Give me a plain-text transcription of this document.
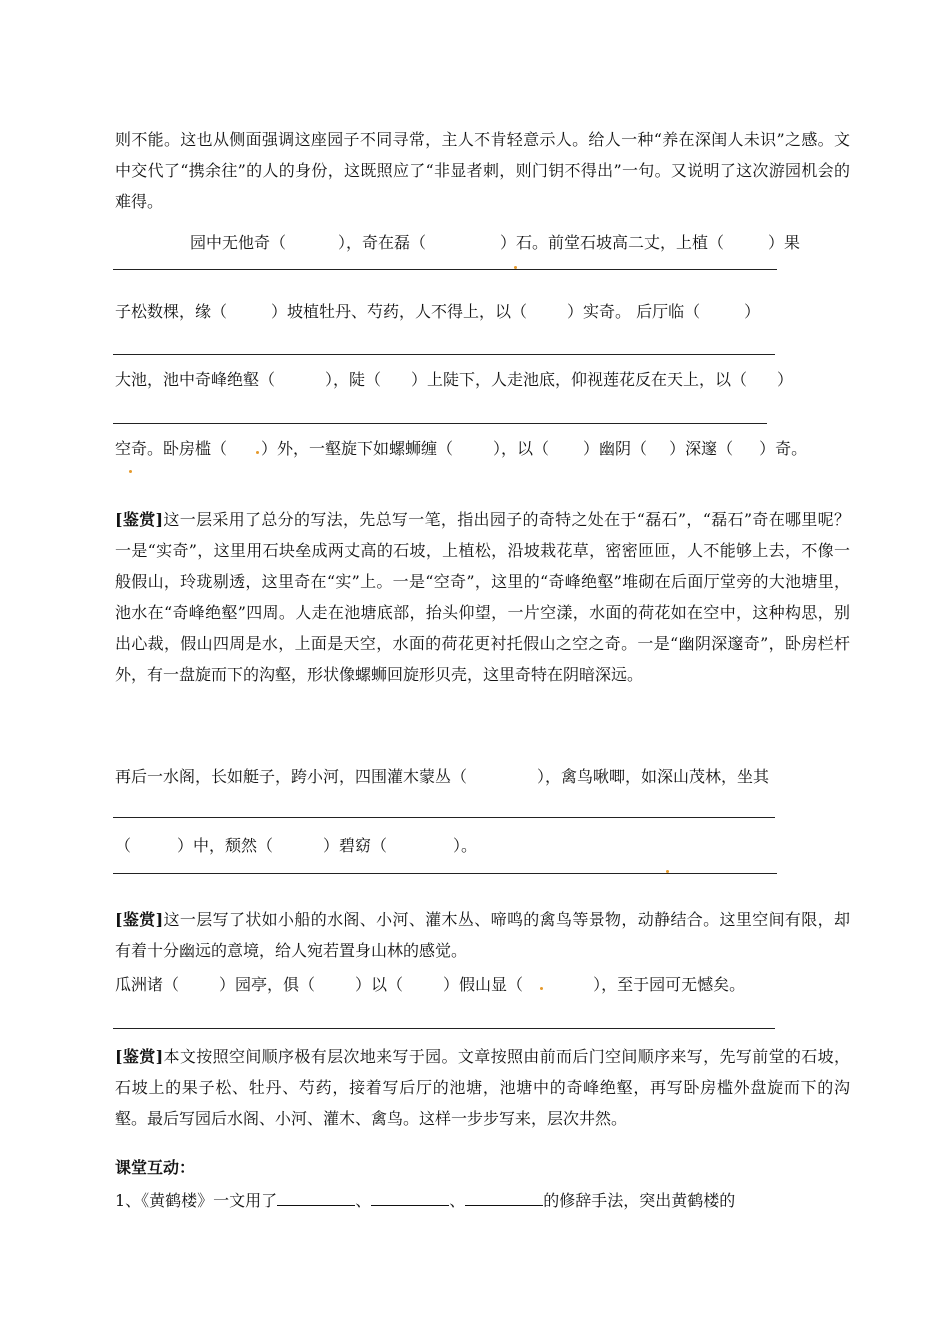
则不能。这也从侧面强调这座园子不同寻常，主人不肯轻意示人。给人一种“养在深闺人未识”之感。文中交代了“携余往”的人的身份，这既照应了“非显者刺，则门钥不得出”一句。又说明了这次游园机会的难得。
园中无他奇（	），奇在磊（	）石。前堂石坡高二丈，上植（	）果
子松数棵，缘（	）坡植牡丹、芍药，人不得上，以（	）实奇。 后厅临（	）
大池，池中奇峰绝壑（	），陡（ ）上陡下，人走池底，仰视莲花反在天上，以（ ）
空奇。卧房槛（ ）外，一壑旋下如螺蛳缠（	），以（ ）幽阴（ ）深邃（ ）奇。
[鉴赏]这一层采用了总分的写法，先总写一笔，指出园子的奇特之处在于“磊石”，“磊石”奇在哪里呢？一是“实奇”，这里用石块垒成两丈高的石坡，上植松，沿坡栽花草，密密匝匝，人不能够上去，不像一般假山，玲珑剔透，这里奇在“实”上。一是“空奇”，这里的“奇峰绝壑”堆砌在后面厅堂旁的大池塘里，池水在“奇峰绝壑”四周。人走在池塘底部，抬头仰望，一片空漾，水面的荷花如在空中，这种构思，别出心裁，假山四周是水，上面是天空，水面的荷花更衬托假山之空之奇。一是“幽阴深邃奇”，卧房栏杆外，有一盘旋而下的沟壑，形状像螺蛳回旋形贝壳，这里奇特在阴暗深远。
再后一水阁，长如艇子，跨小河，四围灌木蒙丛（	），禽鸟啾唧，如深山茂林，坐其
（	）中，颓然（	）碧窈（	）。
[鉴赏]这一层写了状如小船的水阁、小河、灌木丛、啼鸣的禽鸟等景物，动静结合。这里空间有限，却有着十分幽远的意境，给人宛若置身山林的感觉。
瓜洲诸（	）园亭，俱（	）以（	）假山显（	），至于园可无憾矣。
[鉴赏]本文按照空间顺序极有层次地来写于园。文章按照由前而后门空间顺序来写，先写前堂的石坡，石坡上的果子松、牡丹、芍药，接着写后厅的池塘，池塘中的奇峰绝壑，再写卧房槛外盘旋而下的沟壑。最后写园后水阁、小河、灌木、禽鸟。这样一步步写来，层次井然。
课堂互动：
1、《黄鹤楼》一文用了	、	、	的修辞手法，突出黄鹤楼的
